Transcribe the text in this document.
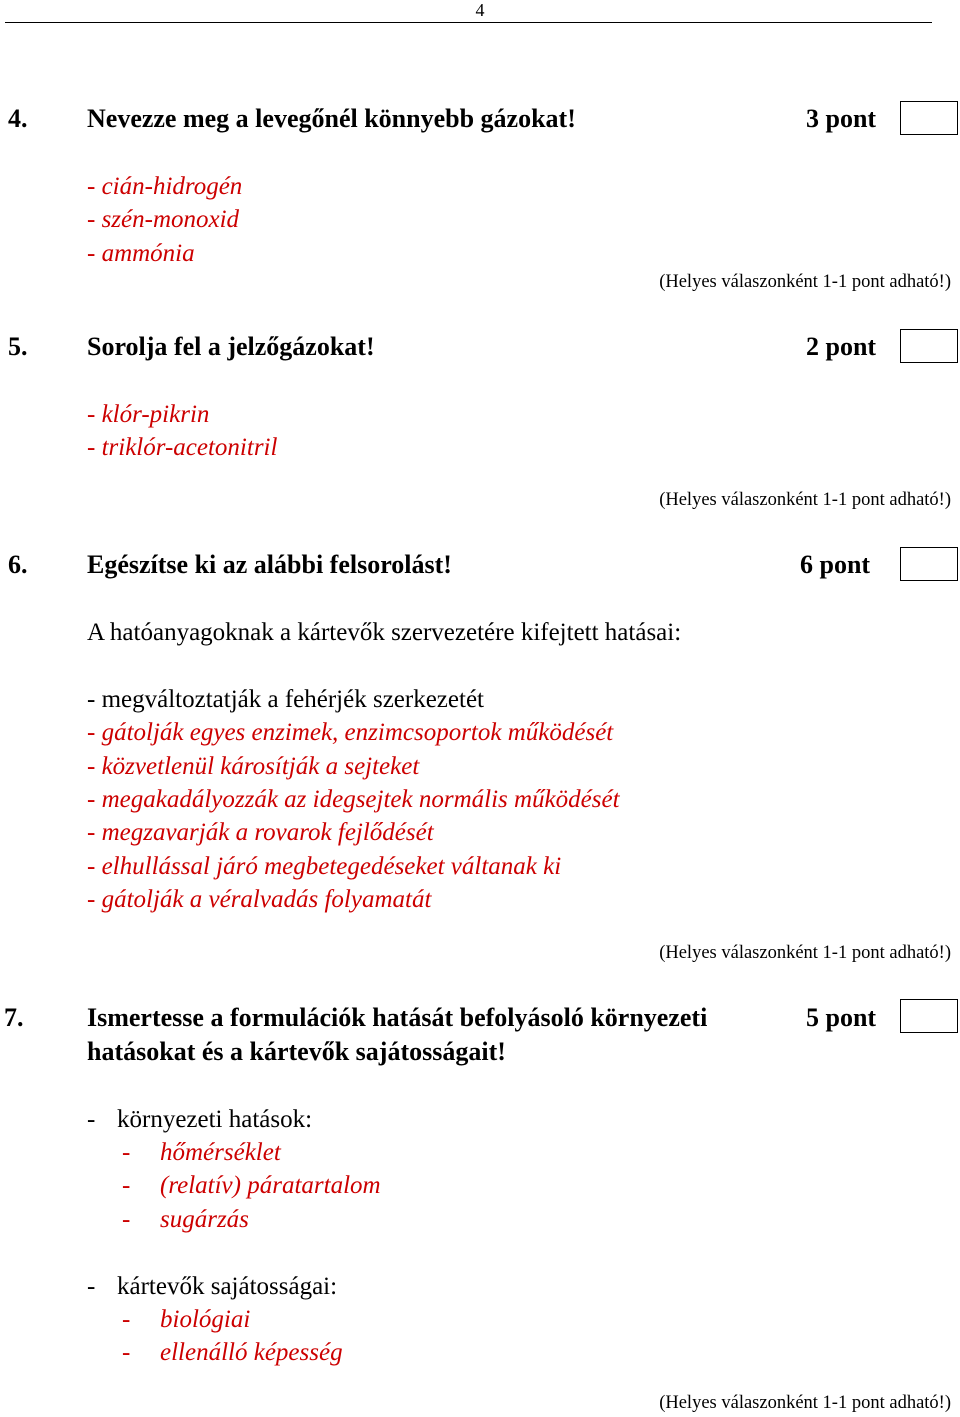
4
4. Nevezze meg a levegőnél könnyebb gázokat!	3 pont
- cián-hidrogén
- szén-monoxid
- ammónia
(Helyes válaszonként 1-1 pont adható!)
5. Sorolja fel a jelzőgázokat!	2 pont
- klór-pikrin
- triklór-acetonitril
(Helyes válaszonként 1-1 pont adható!)
6. Egészítse ki az alábbi felsorolást!	6 pont
A hatóanyagoknak a kártevők szervezetére kifejtett hatásai:
- megváltoztatják a fehérjék szerkezetét
- gátolják egyes enzimek, enzimcsoportok működését
- közvetlenül károsítják a sejteket
- megakadályozzák az idegsejtek normális működését
- megzavarják a rovarok fejlődését
- elhullással járó megbetegedéseket váltanak ki
- gátolják a véralvadás folyamatát
(Helyes válaszonként 1-1 pont adható!)
7. Ismertesse a formulációk hatását befolyásoló környezeti
hatásokat és a kártevők sajátosságait!
5 pont
- környezeti hatások:
- hőmérséklet
- (relatív) páratartalom
- sugárzás
- kártevők sajátosságai:
- biológiai
- ellenálló képesség
(Helyes válaszonként 1-1 pont adható!)
